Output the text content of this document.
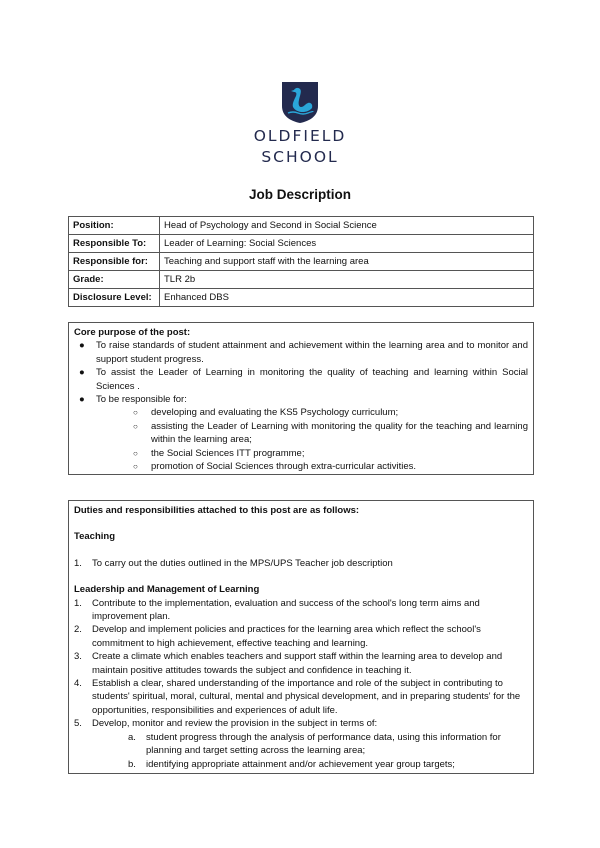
OLDFIELD
SCHOOL
Job Description
Position:	Head of Psychology and Second in Social Science
Responsible To:	Leader of Learning: Social Sciences
Responsible for:	Teaching and support staff with the learning area
Grade:	TLR 2b
Disclosure Level:	Enhanced DBS
Core purpose of the post:
● To raise standards of student attainment and achievement within the learning area and to monitor and support student progress.
● To assist the Leader of Learning in monitoring the quality of teaching and learning within Social Sciences .
● To be responsible for:
○ developing and evaluating the KS5 Psychology curriculum;
○ assisting the Leader of Learning with monitoring the quality for the teaching and learning within the learning area;
○ the Social Sciences ITT programme;
○ promotion of Social Sciences through extra-curricular activities.
Duties and responsibilities attached to this post are as follows:
Teaching
1. To carry out the duties outlined in the MPS/UPS Teacher job description
Leadership and Management of Learning
1. Contribute to the implementation, evaluation and success of the school's long term aims and improvement plan.
2. Develop and implement policies and practices for the learning area which reflect the school's commitment to high achievement, effective teaching and learning.
3. Create a climate which enables teachers and support staff within the learning area to develop and maintain positive attitudes towards the subject and confidence in teaching it.
4. Establish a clear, shared understanding of the importance and role of the subject in contributing to students' spiritual, moral, cultural, mental and physical development, and in preparing students' for the opportunities, responsibilities and experiences of adult life.
5. Develop, monitor and review the provision in the subject in terms of:
a. student progress through the analysis of performance data, using this information for planning and target setting across the learning area;
b. identifying appropriate attainment and/or achievement year group targets;
